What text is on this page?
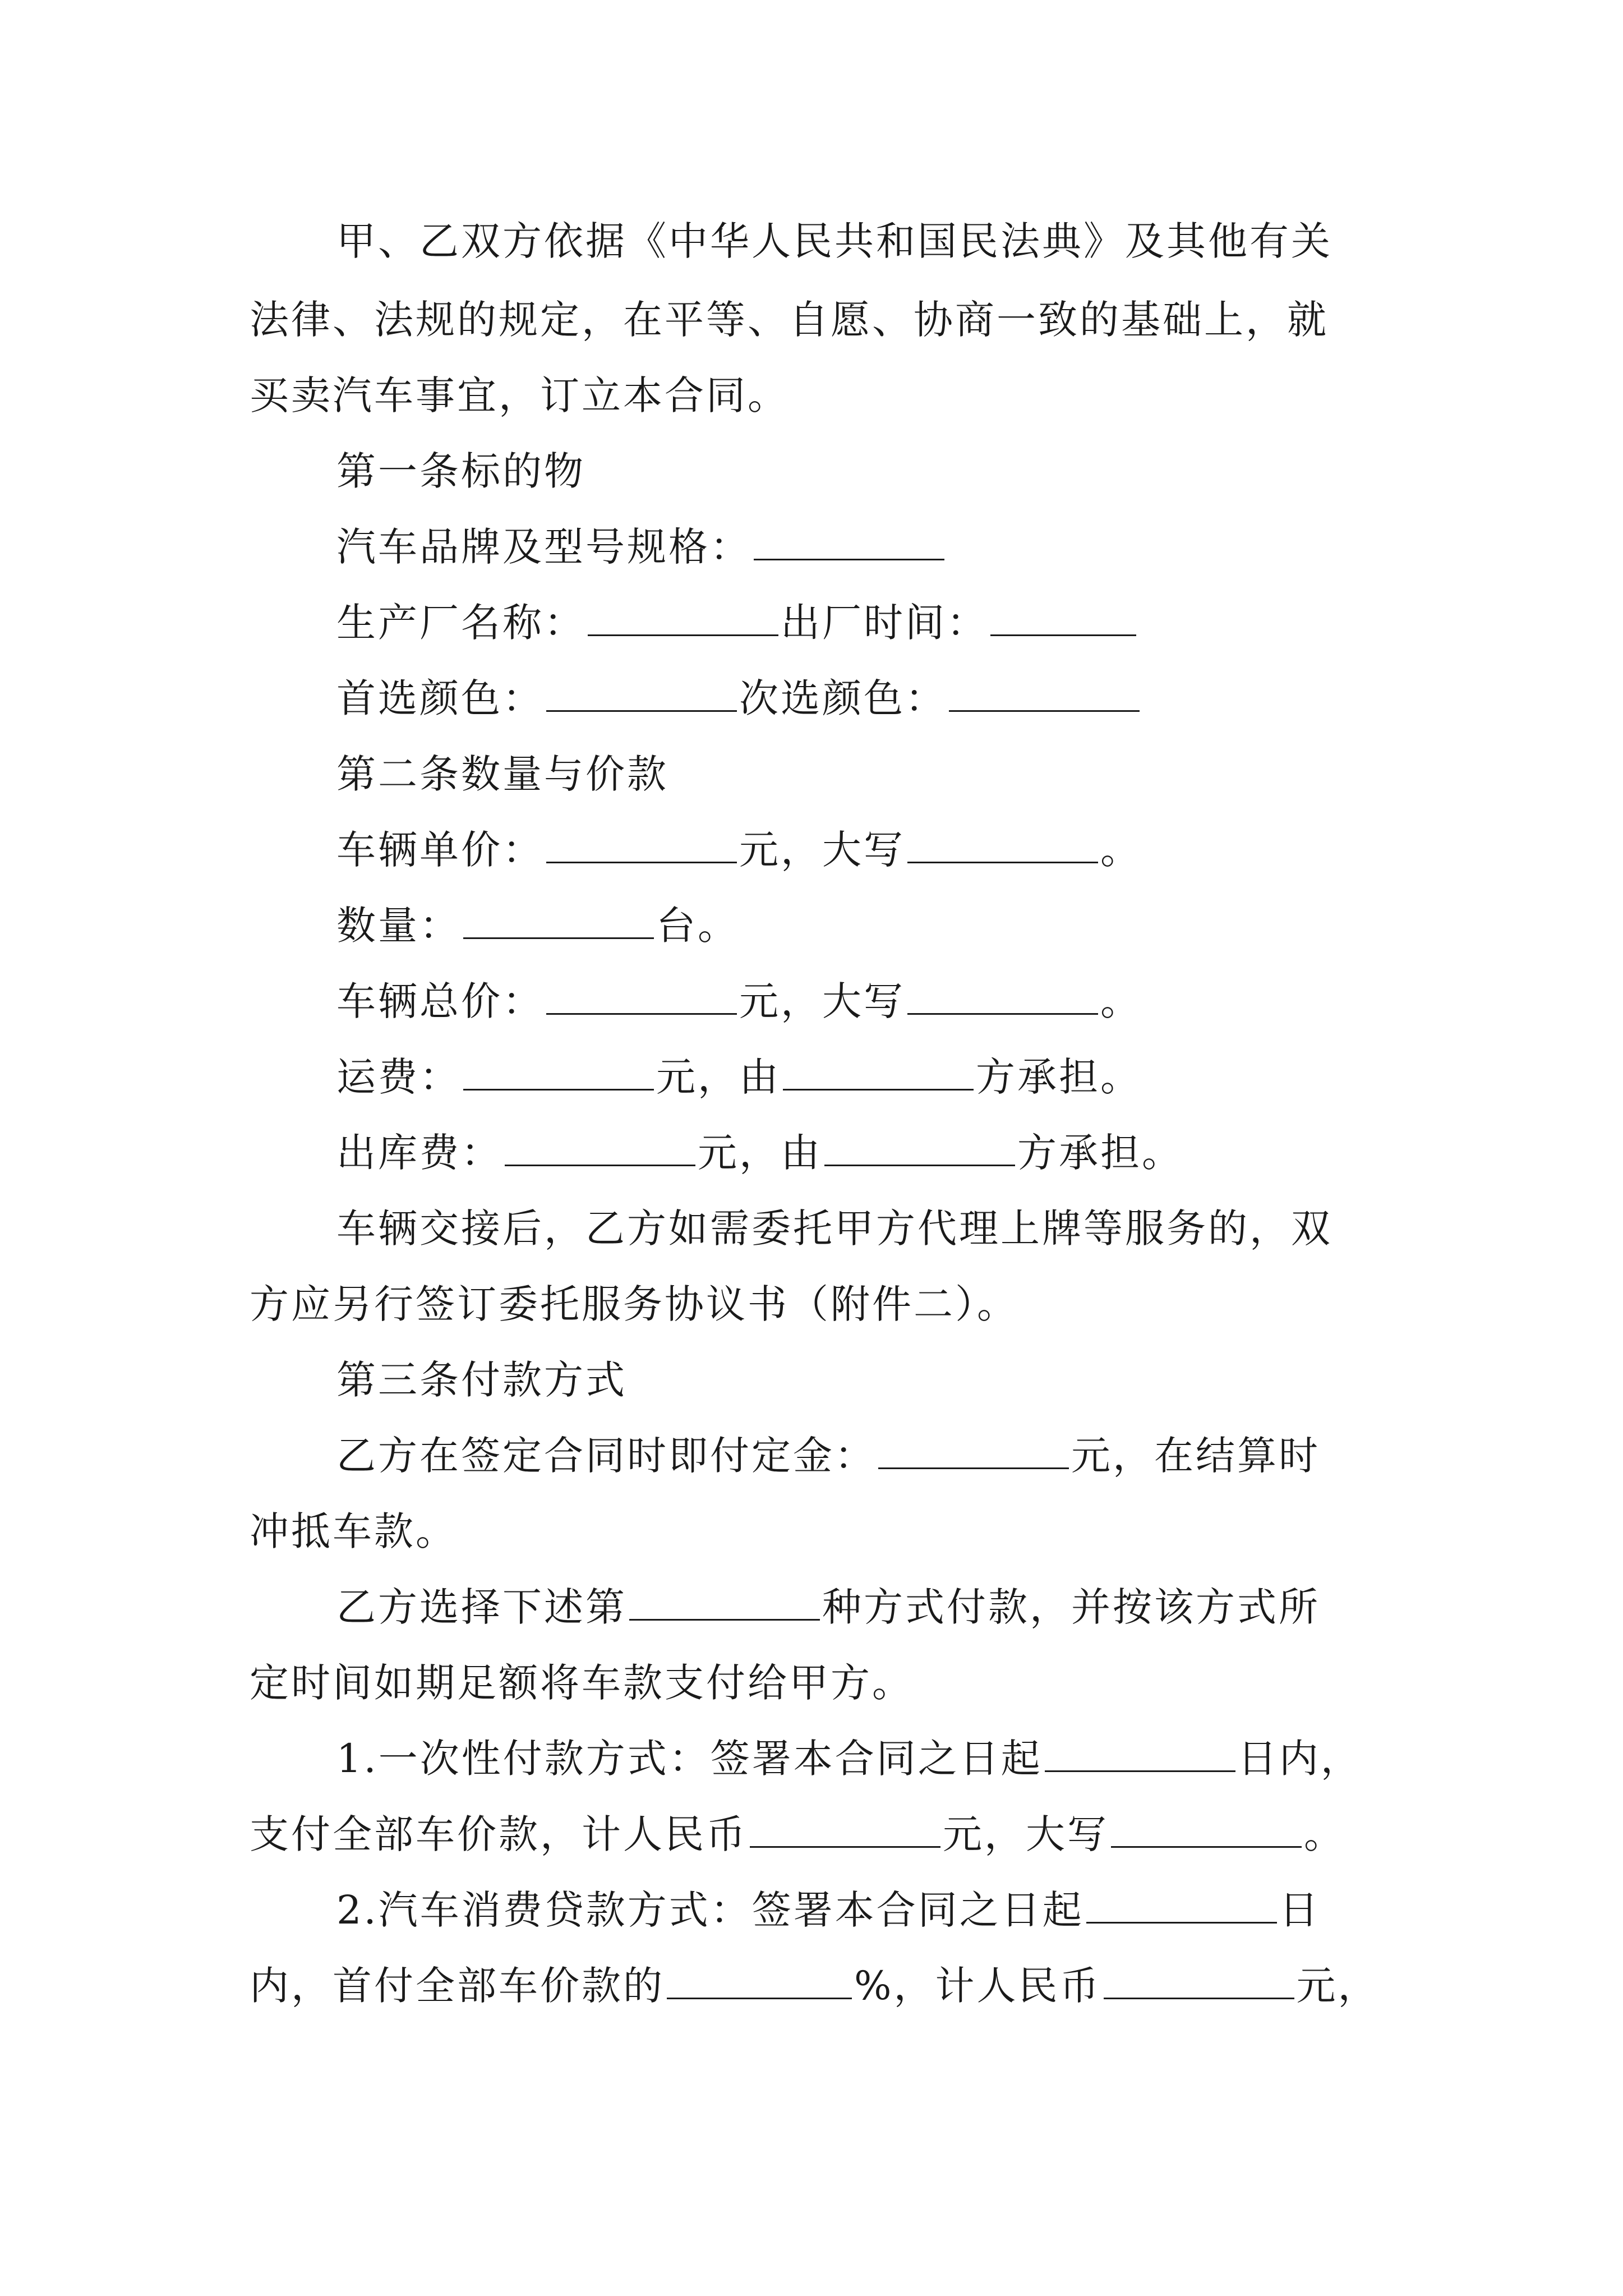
甲、乙双方依据《中华人民共和国民法典》及其他有关
法律、法规的规定，在平等、自愿、协商一致的基础上，就
买卖汽车事宜，订立本合同。
第一条标的物
汽车品牌及型号规格：
生产厂名称：	出厂时间：
首选颜色：	次选颜色：
第二条数量与价款
车辆单价：	元，大写	。
数量：	台。
车辆总价：	元，大写	。
运费：	元，由	方承担。
出库费：	元，由	方承担。
车辆交接后，乙方如需委托甲方代理上牌等服务的，双
方应另行签订委托服务协议书（附件二）。
第三条付款方式
乙方在签定合同时即付定金：	元，在结算时
冲抵车款。
乙方选择下述第	种方式付款，并按该方式所
定时间如期足额将车款支付给甲方。
1.一次性付款方式：签署本合同之日起	日内，
支付全部车价款，计人民币	元，大写	。
2.汽车消费贷款方式：签署本合同之日起	日
内，首付全部车价款的	%，计人民币	元，
